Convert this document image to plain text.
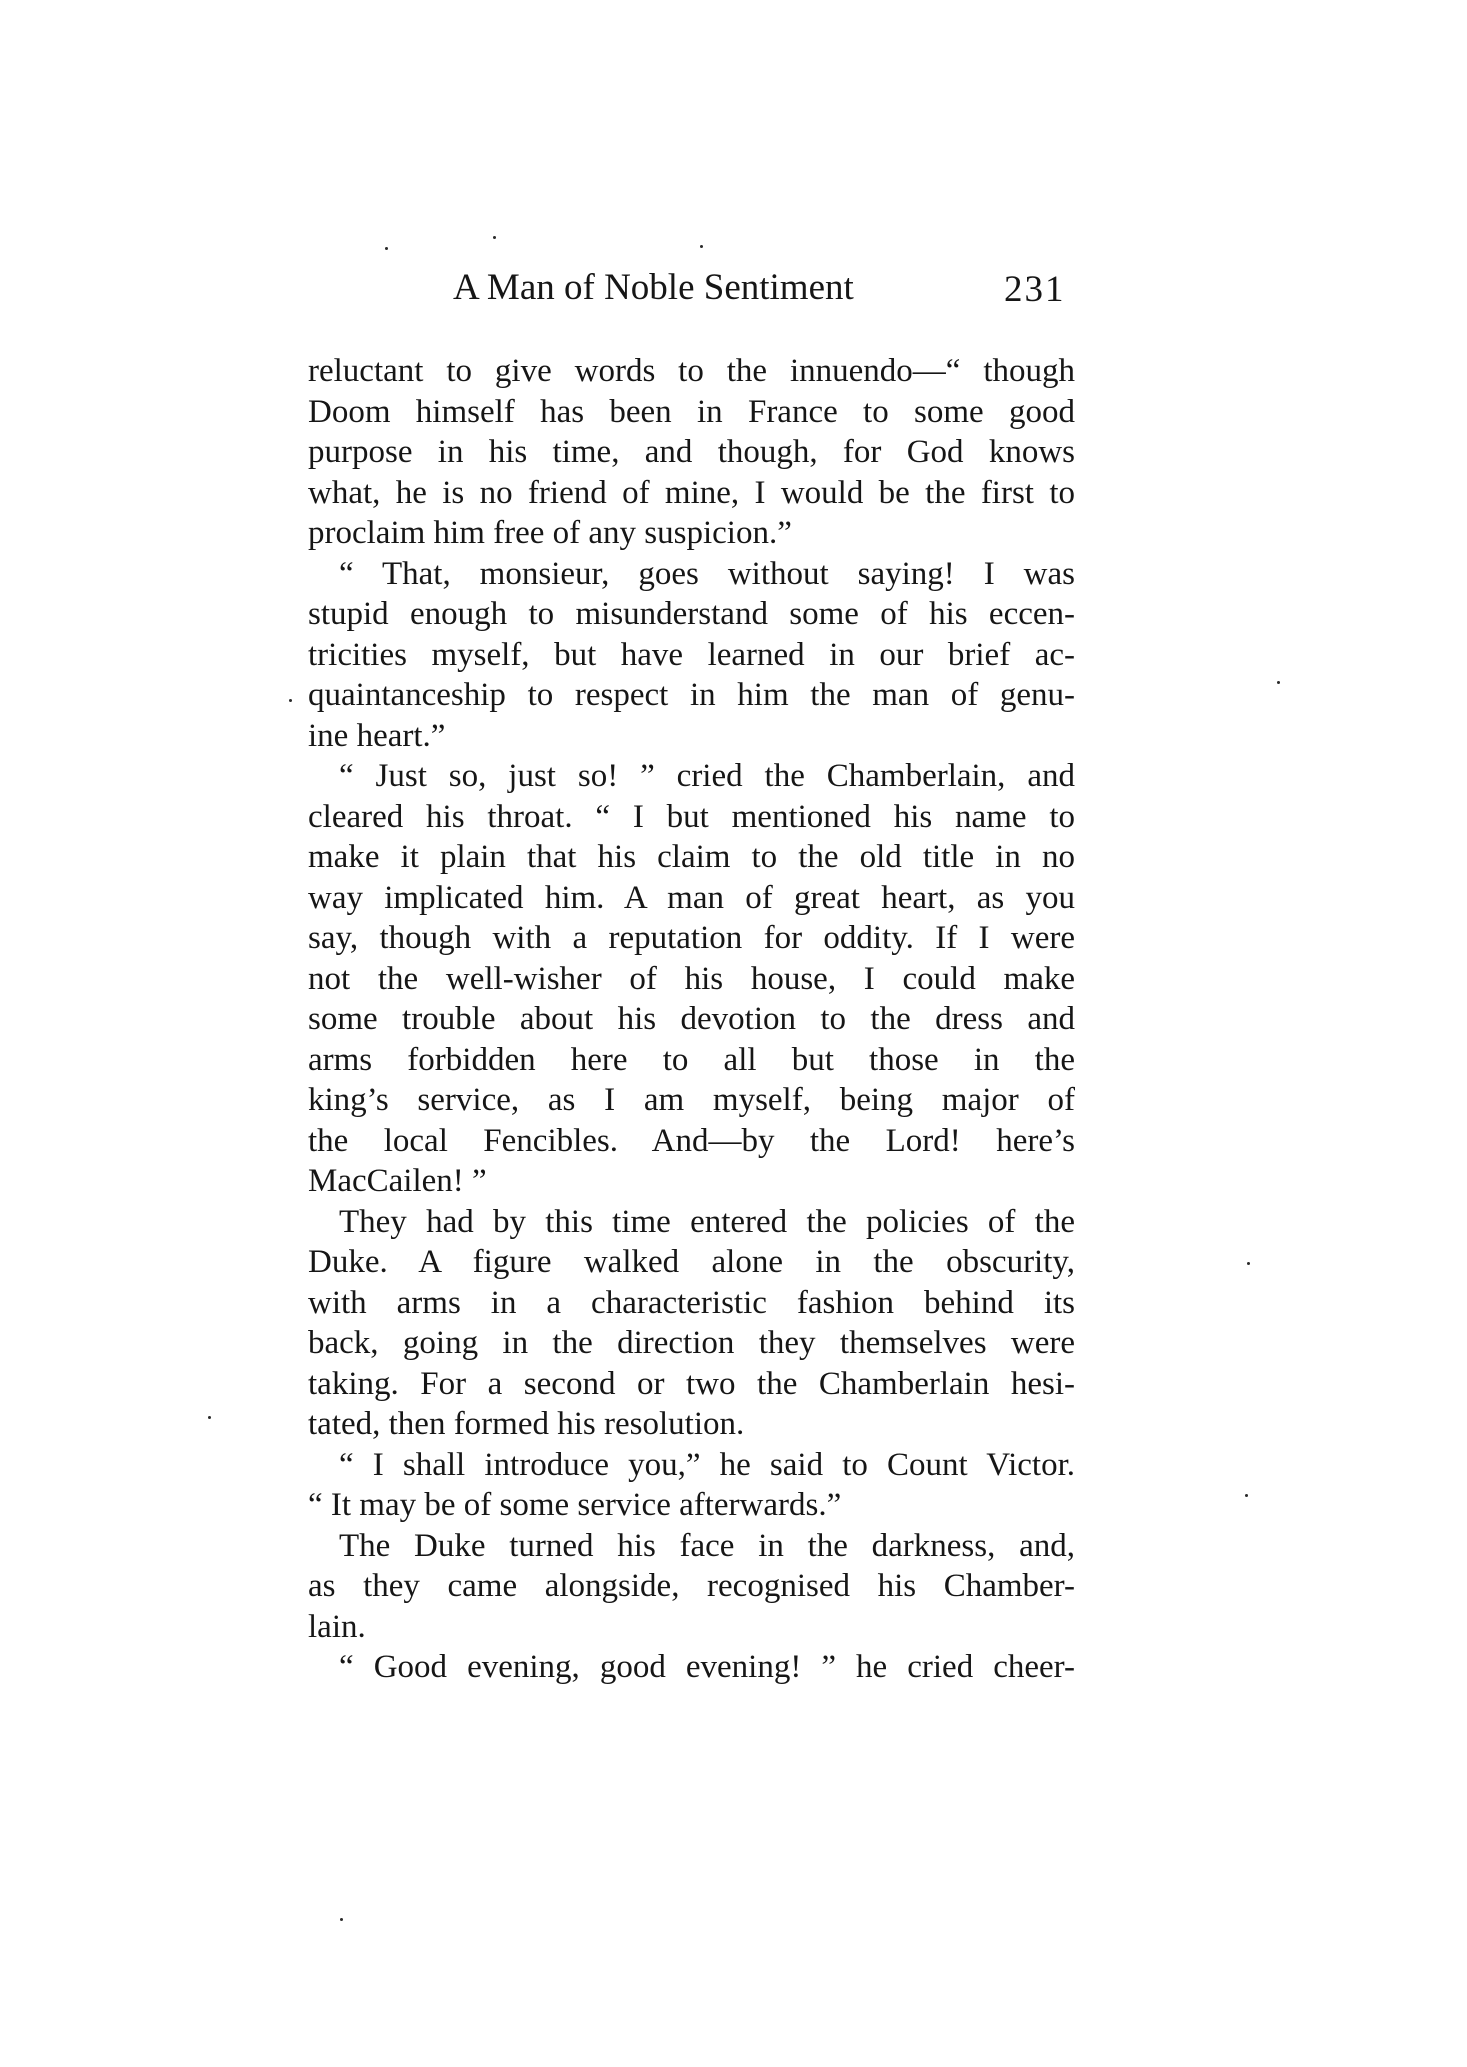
A Man of Noble Sentiment	231
reluctant to give words to the innuendo—“ though
Doom himself has been in France to some good
purpose in his time, and though, for God knows
what, he is no friend of mine, I would be the first to
proclaim him free of any suspicion.”
“ That, monsieur, goes without saying! I was
stupid enough to misunderstand some of his eccen-
tricities myself, but have learned in our brief ac-
quaintanceship to respect in him the man of genu-
ine heart.”
“ Just so, just so! ” cried the Chamberlain, and
cleared his throat. “ I but mentioned his name to
make it plain that his claim to the old title in no
way implicated him. A man of great heart, as you
say, though with a reputation for oddity. If I were
not the well-wisher of his house, I could make
some trouble about his devotion to the dress and
arms forbidden here to all but those in the
king’s service, as I am myself, being major of
the local Fencibles. And—by the Lord! here’s
MacCailen! ”
They had by this time entered the policies of the
Duke. A figure walked alone in the obscurity,
with arms in a characteristic fashion behind its
back, going in the direction they themselves were
taking. For a second or two the Chamberlain hesi-
tated, then formed his resolution.
“ I shall introduce you,” he said to Count Victor.
“ It may be of some service afterwards.”
The Duke turned his face in the darkness, and,
as they came alongside, recognised his Chamber-
lain.
“ Good evening, good evening! ” he cried cheer-
